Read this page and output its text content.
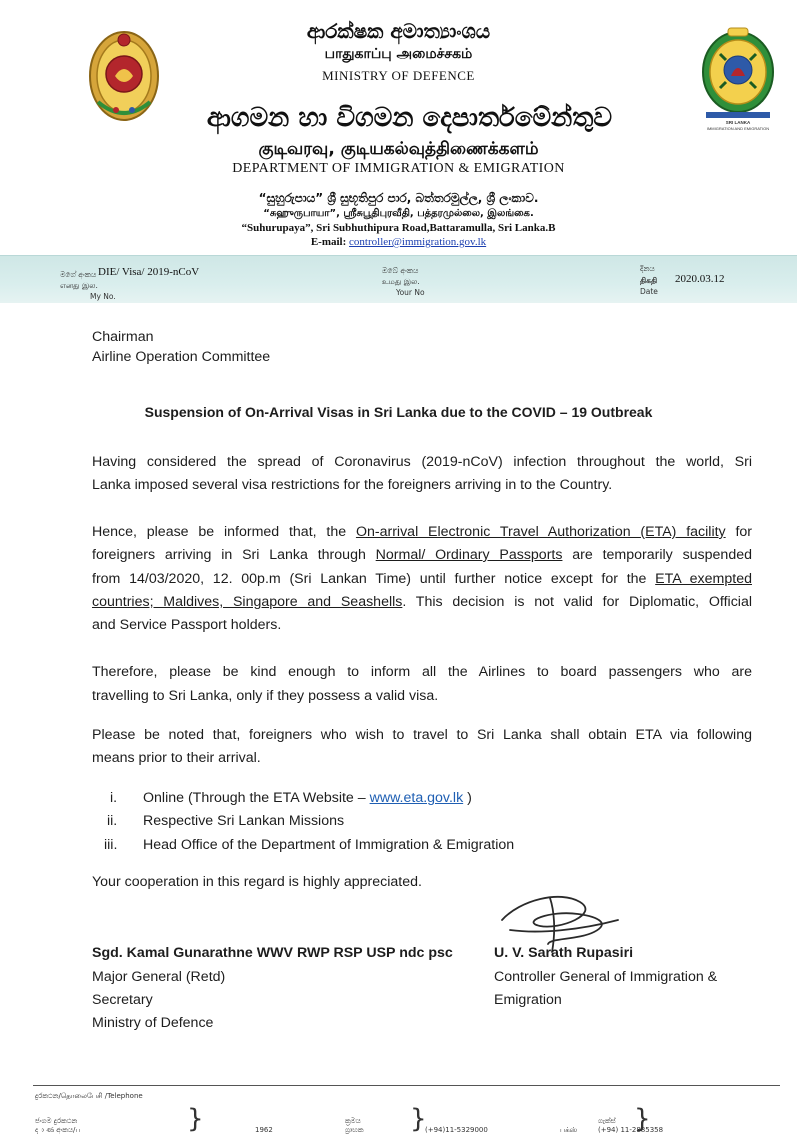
SRI LANKA
IMMIGRATION AND EMIGRATION
ආරක්ෂක අමාත්‍යාංශය
பாதுகாப்பு அமைச்சகம்
MINISTRY OF DEFENCE
ආගමන හා විගමන දෙපාර්තමේන්තුව
குடிவரவு, குடியகல்வுத்திணைக்களம்
DEPARTMENT OF IMMIGRATION & EMIGRATION
“සුහුරුපාය” ශ්‍රී සුභූතිපුර පාර, බත්තරමුල්ල, ශ්‍රී ලංකාව.
“சுஹுருபாயா”, ஸ்ரீசுபூதிபுரவீதி, பத்தரமுல்லை, இலங்கை.
“Suhurupaya”, Sri Subhuthipura Road,Battaramulla, Sri Lanka.B
E-mail: controller@immigration.gov.lk
මගේ අංකය DIE/ Visa/ 2019-nCoV
எனது இல.
My No.
ඔබේ අංකය
உமது இல.
Your No
දිනය
திகதி 2020.03.12
Date
Chairman
Airline Operation Committee
Suspension of On-Arrival Visas in Sri Lanka due to the COVID – 19 Outbreak
Having considered the spread of Coronavirus (2019-nCoV) infection throughout the world, Sri
Lanka imposed several visa restrictions for the foreigners arriving in to the Country.
Hence, please be informed that, the On-arrival Electronic Travel Authorization (ETA) facility for
foreigners arriving in Sri Lanka through Normal/ Ordinary Passports are temporarily suspended
from 14/03/2020, 12. 00p.m (Sri Lankan Time) until further notice except for the ETA exempted
countries; Maldives, Singapore and Seashells. This decision is not valid for Diplomatic, Official
and Service Passport holders.
Therefore, please be kind enough to inform all the Airlines to board passengers who are
travelling to Sri Lanka, only if they possess a valid visa.
Please be noted that, foreigners who wish to travel to Sri Lanka shall obtain ETA via following
means prior to their arrival.
i. Online (Through the ETA Website – www.eta.gov.lk )
ii. Respective Sri Lankan Missions
iii. Head Office of the Department of Immigration & Emigration
Your cooperation in this regard is highly appreciated.
Sgd. Kamal Gunarathne WWV RWP RSP USP ndc psc
Major General (Retd)
Secretary
Ministry of Defence
U. V. Sarath Rupasiri
Controller General of Immigration &
Emigration
දුරකථන/தொலைபேசி /Telephone
ජංගම දුරකථන
ද ා ණ අංකය/ப	}	1962
ක්‍රමය
ග්‍රාහක }
(+94)11-5329000
ගැක්ස්
பக்ஸ் }
(+94) 11-2885358
